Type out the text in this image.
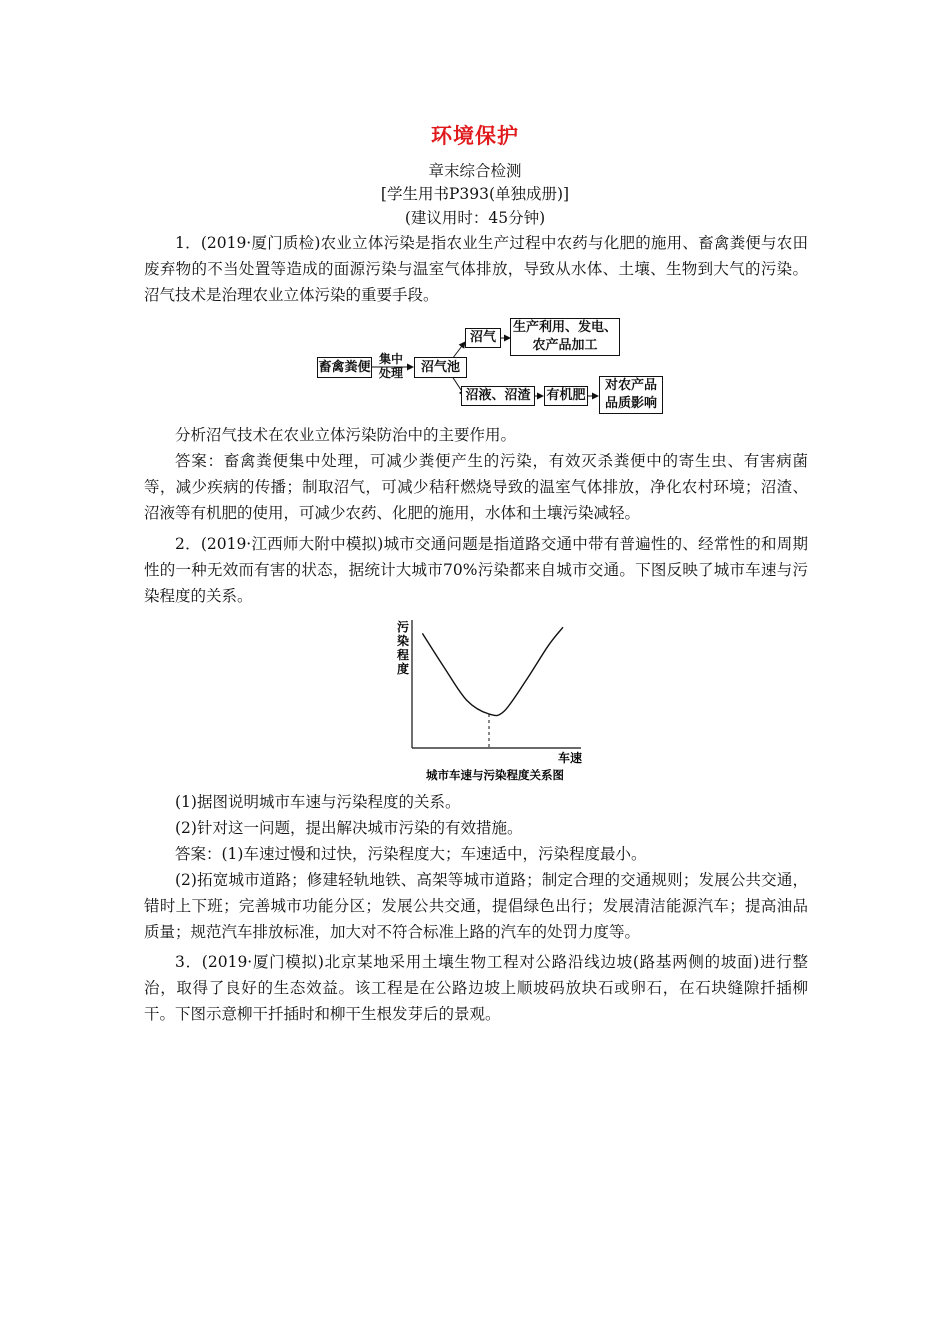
环境保护
章末综合检测
[学生用书P393(单独成册)]
(建议用时：45分钟)

1．(2019·厦门质检)农业立体污染是指农业生产过程中农药与化肥的施用、畜禽粪便与农田废弃物的不当处置等造成的面源污染与温室气体排放，导致从水体、土壤、生物到大气的污染。沼气技术是治理农业立体污染的重要手段。

畜禽粪便
集中
处理	沼气池
沼气
生产利用、发电、
农产品加工
沼液、沼渣	有机肥
对农产品
品质影响

分析沼气技术在农业立体污染防治中的主要作用。

答案：畜禽粪便集中处理，可减少粪便产生的污染，有效灭杀粪便中的寄生虫、有害病菌等，减少疾病的传播；制取沼气，可减少秸秆燃烧导致的温室气体排放，净化农村环境；沼渣、沼液等有机肥的使用，可减少农药、化肥的施用，水体和土壤污染减轻。

2．(2019·江西师大附中模拟)城市交通问题是指道路交通中带有普遍性的、经常性的和周期性的一种无效而有害的状态，据统计大城市70%污染都来自城市交通。下图反映了城市车速与污染程度的关系。

污
染
程
度
车速
城市车速与污染程度关系图

(1)据图说明城市车速与污染程度的关系。

(2)针对这一问题，提出解决城市污染的有效措施。

答案：(1)车速过慢和过快，污染程度大；车速适中，污染程度最小。

(2)拓宽城市道路；修建轻轨地铁、高架等城市道路；制定合理的交通规则；发展公共交通，错时上下班；完善城市功能分区；发展公共交通，提倡绿色出行；发展清洁能源汽车；提高油品质量；规范汽车排放标准，加大对不符合标准上路的汽车的处罚力度等。

3．(2019·厦门模拟)北京某地采用土壤生物工程对公路沿线边坡(路基两侧的坡面)进行整治，取得了良好的生态效益。该工程是在公路边坡上顺坡码放块石或卵石，在石块缝隙扦插柳干。下图示意柳干扦插时和柳干生根发芽后的景观。
